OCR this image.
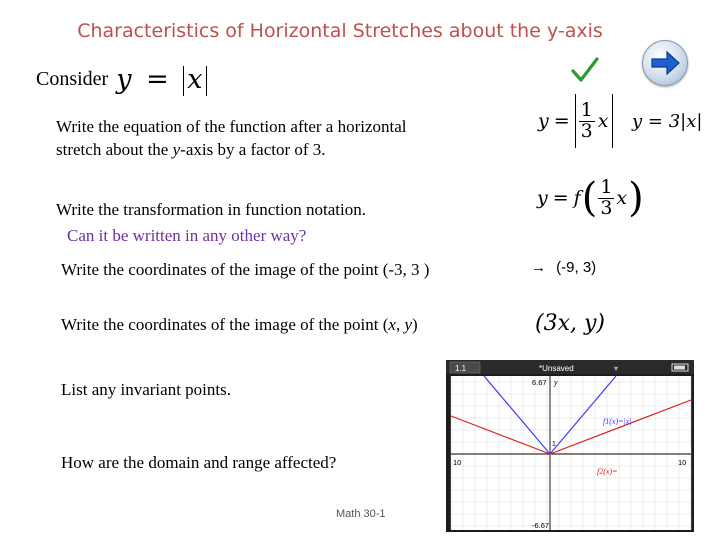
Characteristics of Horizontal Stretches about the y-axis
Consider y = x
Write the equation of the function after a horizontal
stretch about the y-axis by a factor of 3.
$y = \frac{1}{3}$ x y = 3|x|
Write the transformation in function notation.
Can it be written in any other way?
y = f ( $\frac{1}{3}$ x )
Write the coordinates of the image of the point (-3, 3 )	→ (-9, 3)
Write the coordinates of the image of the point (x, y)	(3x, y)
List any invariant points.
How are the domain and range affected?
Math 30-1
1.1	*Unsaved	▾
6.67 y
-6.67
10	10
1
f1(x)=|x|
f2(x)=
